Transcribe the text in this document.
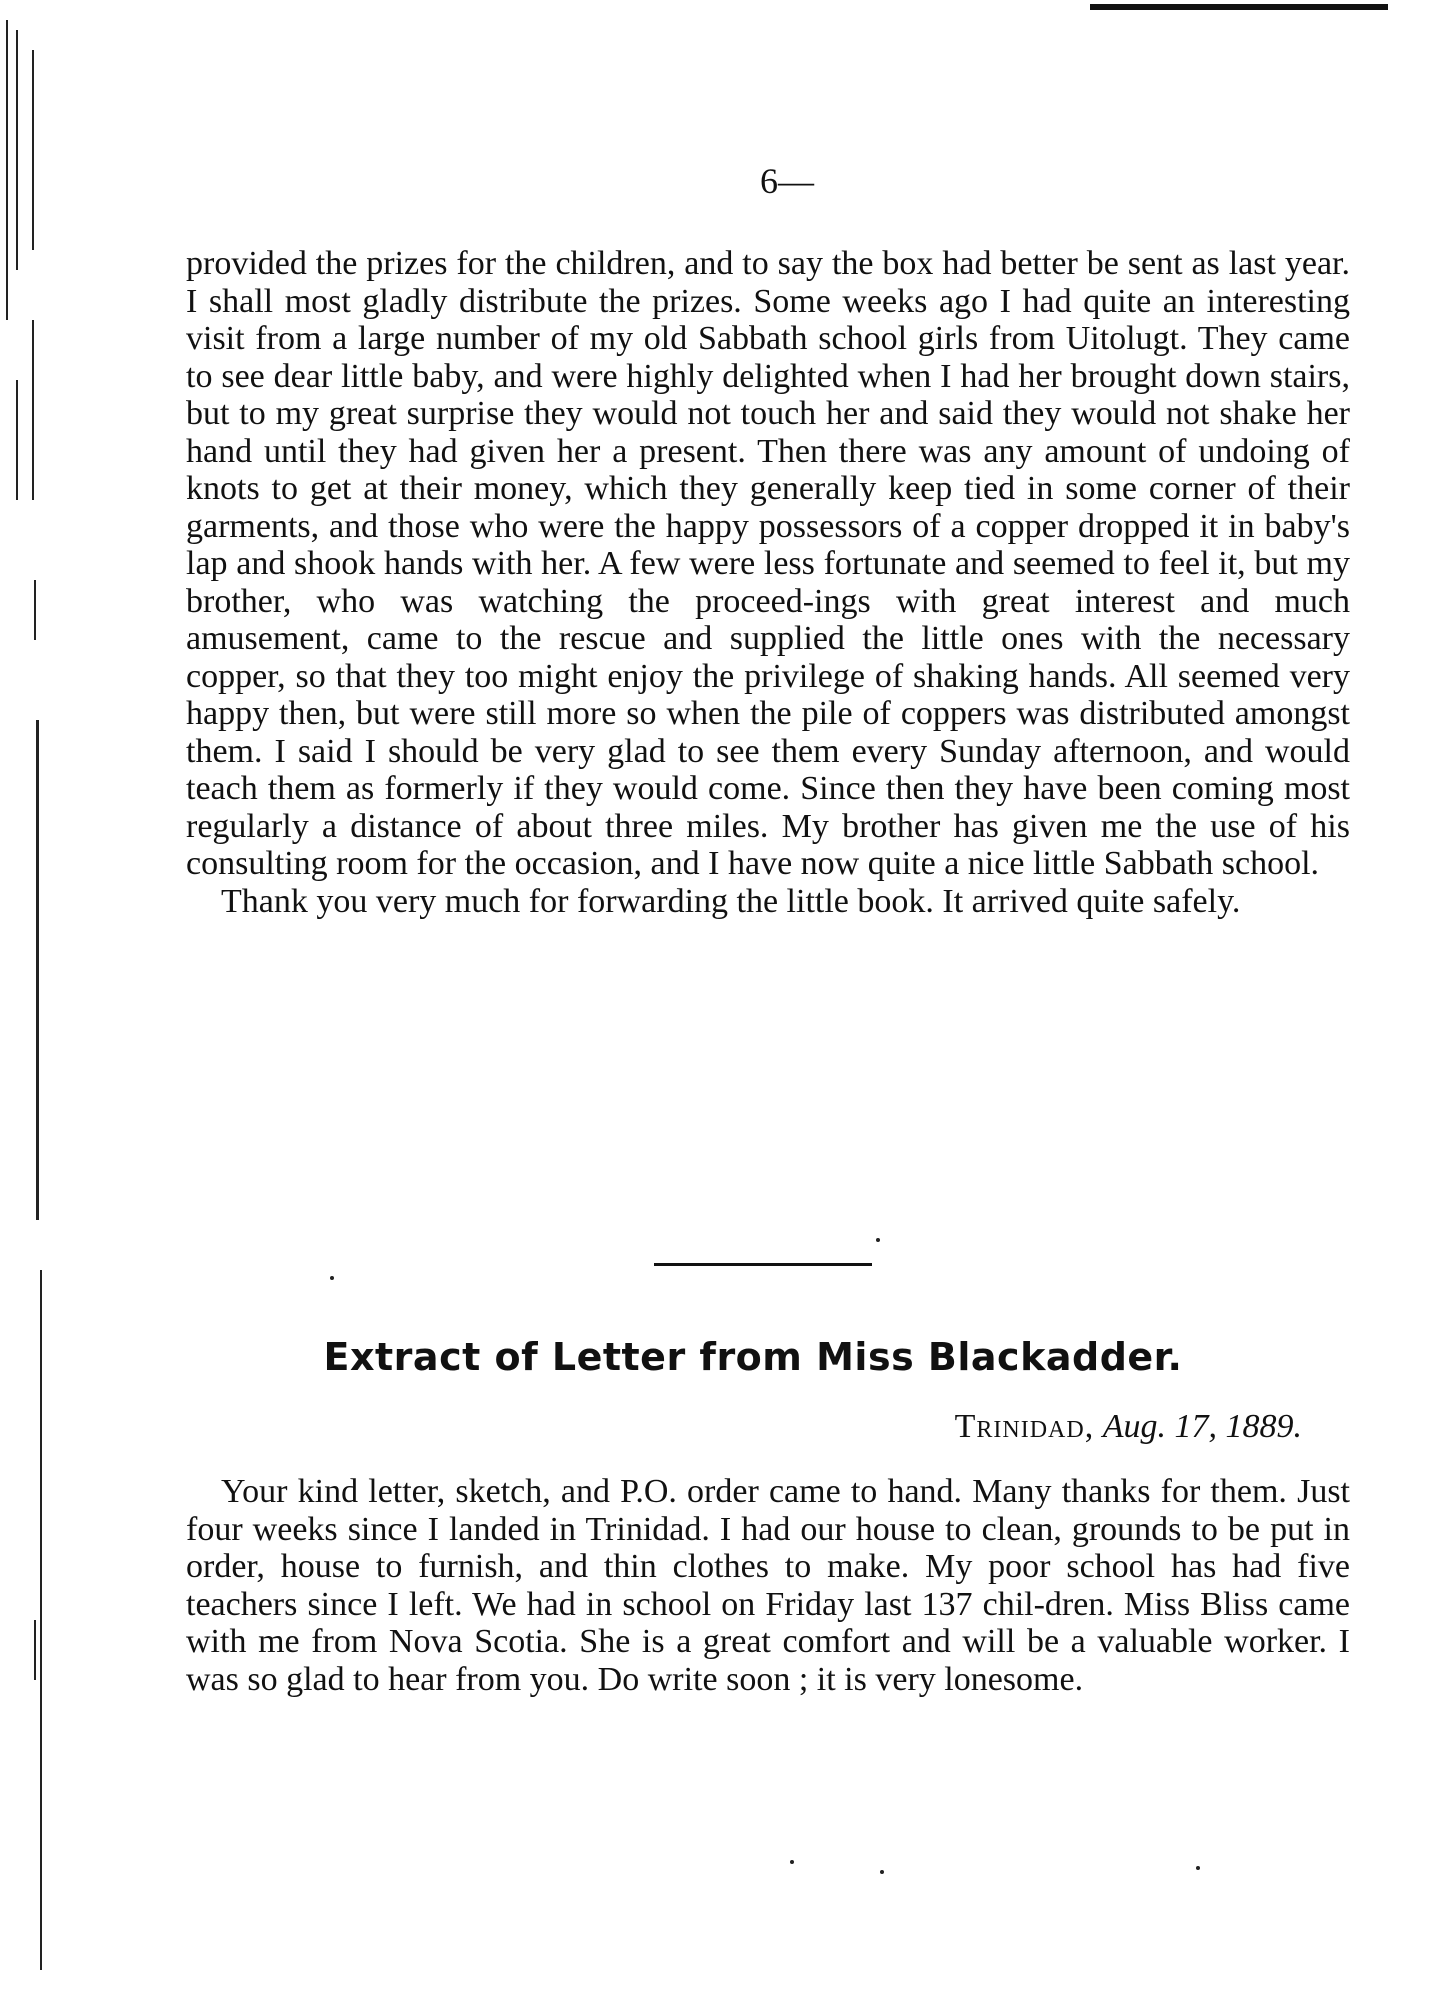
6—

provided the prizes for the children, and to say the box had better be sent as last year. I shall most gladly distribute the prizes. Some weeks ago I had quite an interesting visit from a large number of my old Sabbath school girls from Uitolugt. They came to see dear little baby, and were highly delighted when I had her brought down stairs, but to my great surprise they would not touch her and said they would not shake her hand until they had given her a present. Then there was any amount of undoing of knots to get at their money, which they generally keep tied in some corner of their garments, and those who were the happy possessors of a copper dropped it in baby's lap and shook hands with her. A few were less fortunate and seemed to feel it, but my brother, who was watching the proceed-ings with great interest and much amusement, came to the rescue and supplied the little ones with the necessary copper, so that they too might enjoy the privilege of shaking hands. All seemed very happy then, but were still more so when the pile of coppers was distributed amongst them. I said I should be very glad to see them every Sunday afternoon, and would teach them as formerly if they would come. Since then they have been coming most regularly a distance of about three miles. My brother has given me the use of his consulting room for the occasion, and I have now quite a nice little Sabbath school.

Thank you very much for forwarding the little book. It arrived quite safely.

Extract of Letter from Miss Blackadder.
Trinidad, Aug. 17, 1889.

Your kind letter, sketch, and P.O. order came to hand. Many thanks for them. Just four weeks since I landed in Trinidad. I had our house to clean, grounds to be put in order, house to furnish, and thin clothes to make. My poor school has had five teachers since I left. We had in school on Friday last 137 chil-dren. Miss Bliss came with me from Nova Scotia. She is a great comfort and will be a valuable worker. I was so glad to hear from you. Do write soon ; it is very lonesome.
